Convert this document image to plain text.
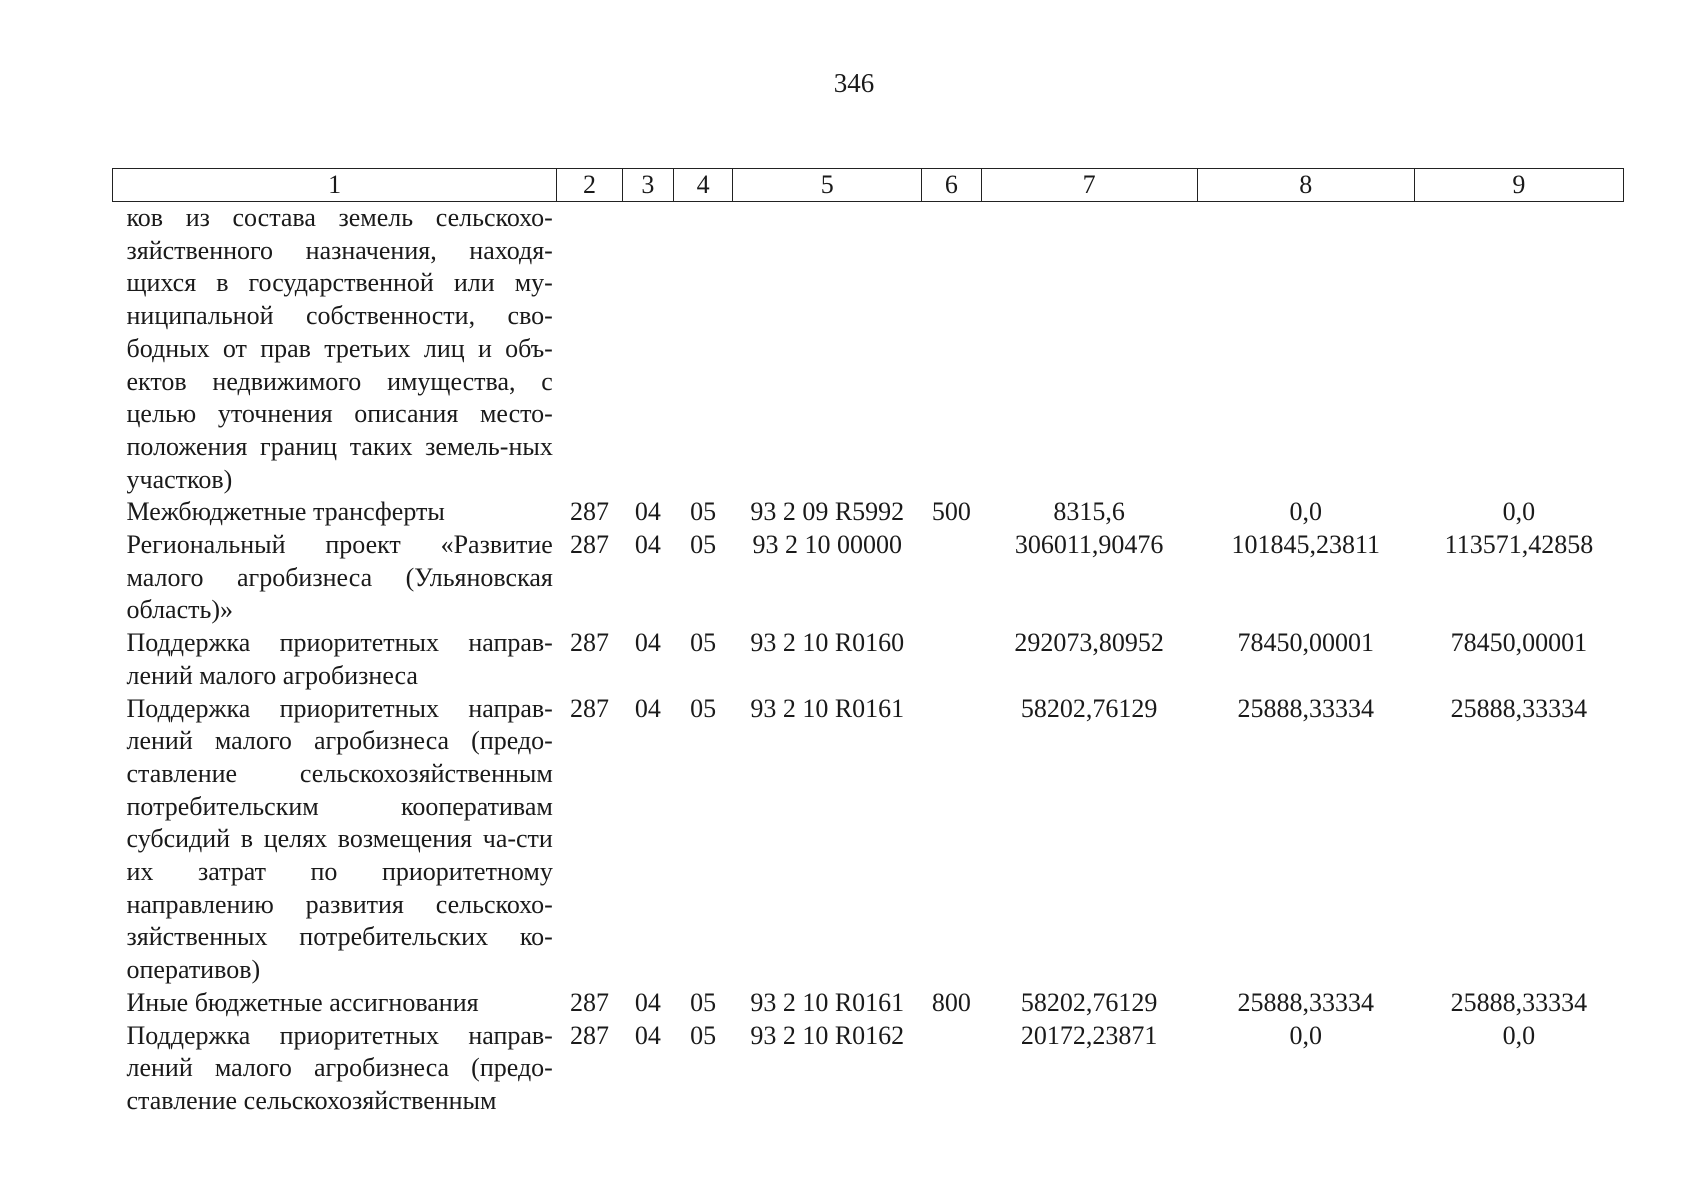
346
1	2	3	4	5	6	7	8	9
ков из состава земель сельскохо-зяйственного назначения, находя-щихся в государственной или му-ниципальной собственности, сво-бодных от прав третьих лиц и объ-ектов недвижимого имущества, с целью уточнения описания место-положения границ таких земель-ных участков)								
Межбюджетные трансферты	287	04	05	93 2 09 R5992	500	8315,6	0,0	0,0
Региональный проект «Развитие малого агробизнеса (Ульяновская область)»	287	04	05	93 2 10 00000		306011,90476	101845,23811	113571,42858
Поддержка приоритетных направ-лений малого агробизнеса	287	04	05	93 2 10 R0160		292073,80952	78450,00001	78450,00001
Поддержка приоритетных направ-лений малого агробизнеса (предо-ставление сельскохозяйственным потребительским кооперативам субсидий в целях возмещения ча-сти их затрат по приоритетному направлению развития сельскохо-зяйственных потребительских ко-оперативов)	287	04	05	93 2 10 R0161		58202,76129	25888,33334	25888,33334
Иные бюджетные ассигнования	287	04	05	93 2 10 R0161	800	58202,76129	25888,33334	25888,33334
Поддержка приоритетных направ-лений малого агробизнеса (предо-ставление сельскохозяйственным	287	04	05	93 2 10 R0162		20172,23871	0,0	0,0
